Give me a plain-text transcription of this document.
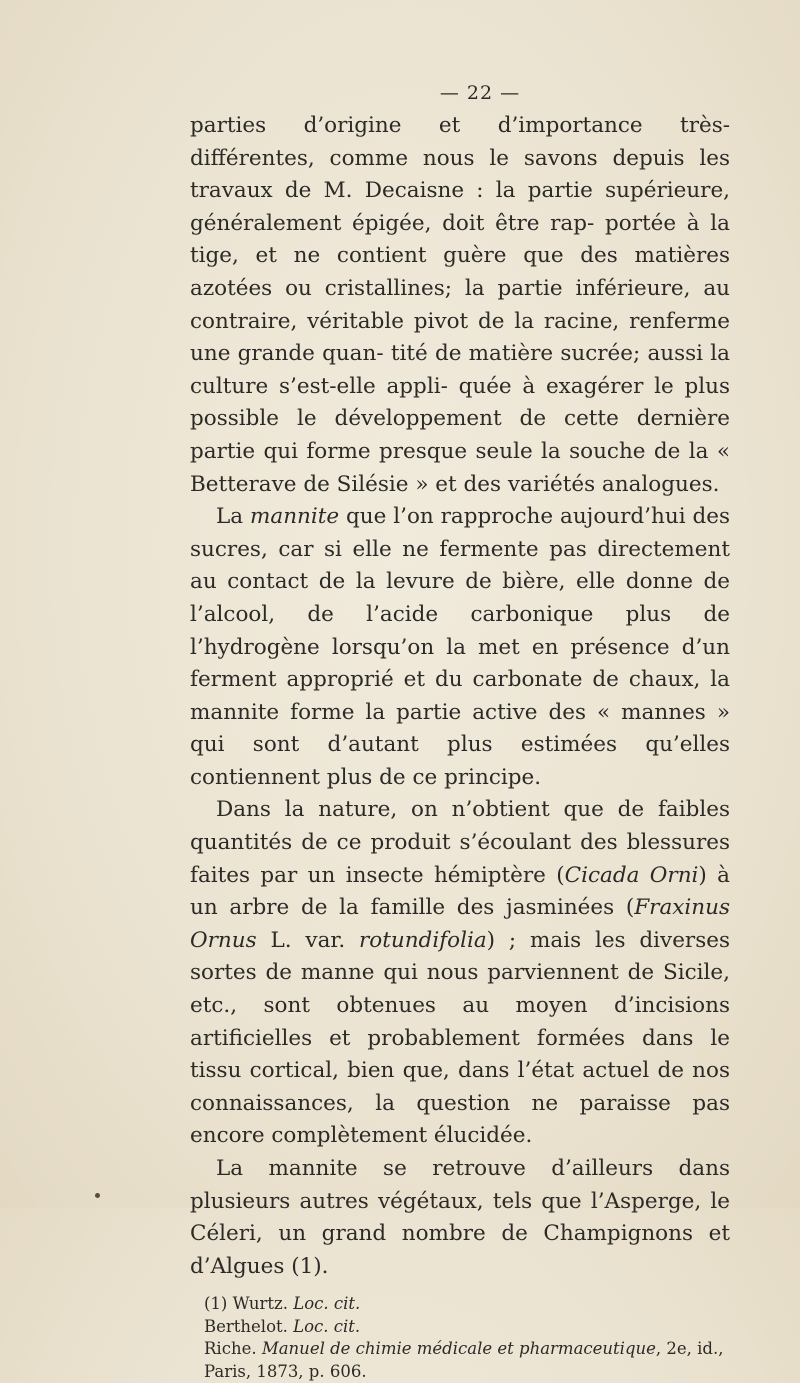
— 22 —

parties d’origine et d’importance très-différentes, comme nous le savons depuis les travaux de M. Decaisne : la partie supérieure, généralement épigée, doit être rap- portée à la tige, et ne contient guère que des matières azotées ou cristallines; la partie inférieure, au contraire, véritable pivot de la racine, renferme une grande quan- tité de matière sucrée; aussi la culture s’est-elle appli- quée à exagérer le plus possible le développement de cette dernière partie qui forme presque seule la souche de la « Betterave de Silésie » et des variétés analogues.

La mannite que l’on rapproche aujourd’hui des sucres, car si elle ne fermente pas directement au contact de la levure de bière, elle donne de l’alcool, de l’acide carbonique plus de l’hydrogène lorsqu’on la met en présence d’un ferment approprié et du carbonate de chaux, la mannite forme la partie active des « mannes » qui sont d’autant plus estimées qu’elles contiennent plus de ce principe.

Dans la nature, on n’obtient que de faibles quantités de ce produit s’écoulant des blessures faites par un insecte hémiptère (Cicada Orni) à un arbre de la famille des jasminées (Fraxinus Ornus L. var. rotundifolia) ; mais les diverses sortes de manne qui nous parviennent de Sicile, etc., sont obtenues au moyen d’incisions artificielles et probablement formées dans le tissu cortical, bien que, dans l’état actuel de nos connaissances, la question ne paraisse pas encore complètement élucidée.

La mannite se retrouve d’ailleurs dans plusieurs autres végétaux, tels que l’Asperge, le Céleri, un grand nombre de Champignons et d’Algues (1).

(1) Wurtz. Loc. cit.

Berthelot. Loc. cit.

Riche. Manuel de chimie médicale et pharmaceutique, 2e, id., Paris, 1873, p. 606.
